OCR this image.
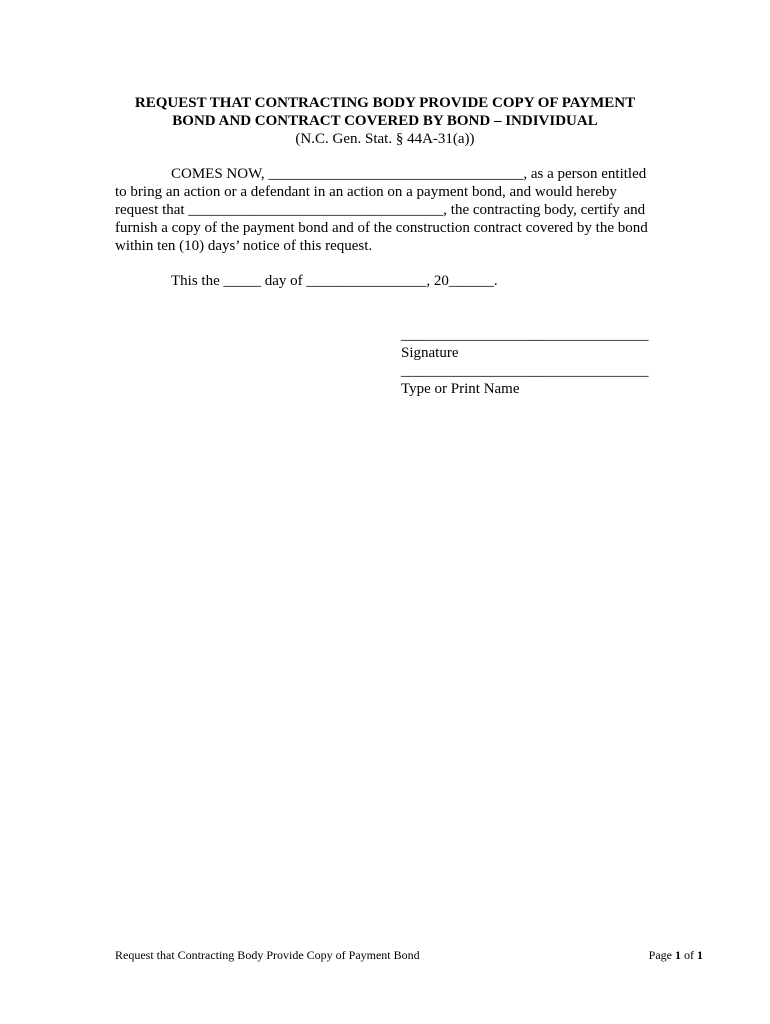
REQUEST THAT CONTRACTING BODY PROVIDE COPY OF PAYMENT
BOND AND CONTRACT COVERED BY BOND – INDIVIDUAL
(N.C. Gen. Stat. § 44A-31(a))
COMES NOW, __________________________________, as a person entitled
to bring an action or a defendant in an action on a payment bond, and would hereby
request that __________________________________, the contracting body, certify and
furnish a copy of the payment bond and of the construction contract covered by the bond
within ten (10) days’ notice of this request.
This the _____ day of ________________, 20______.
_________________________________
Signature
_________________________________
Type or Print Name
Request that Contracting Body Provide Copy of Payment Bond	Page 1 of 1
